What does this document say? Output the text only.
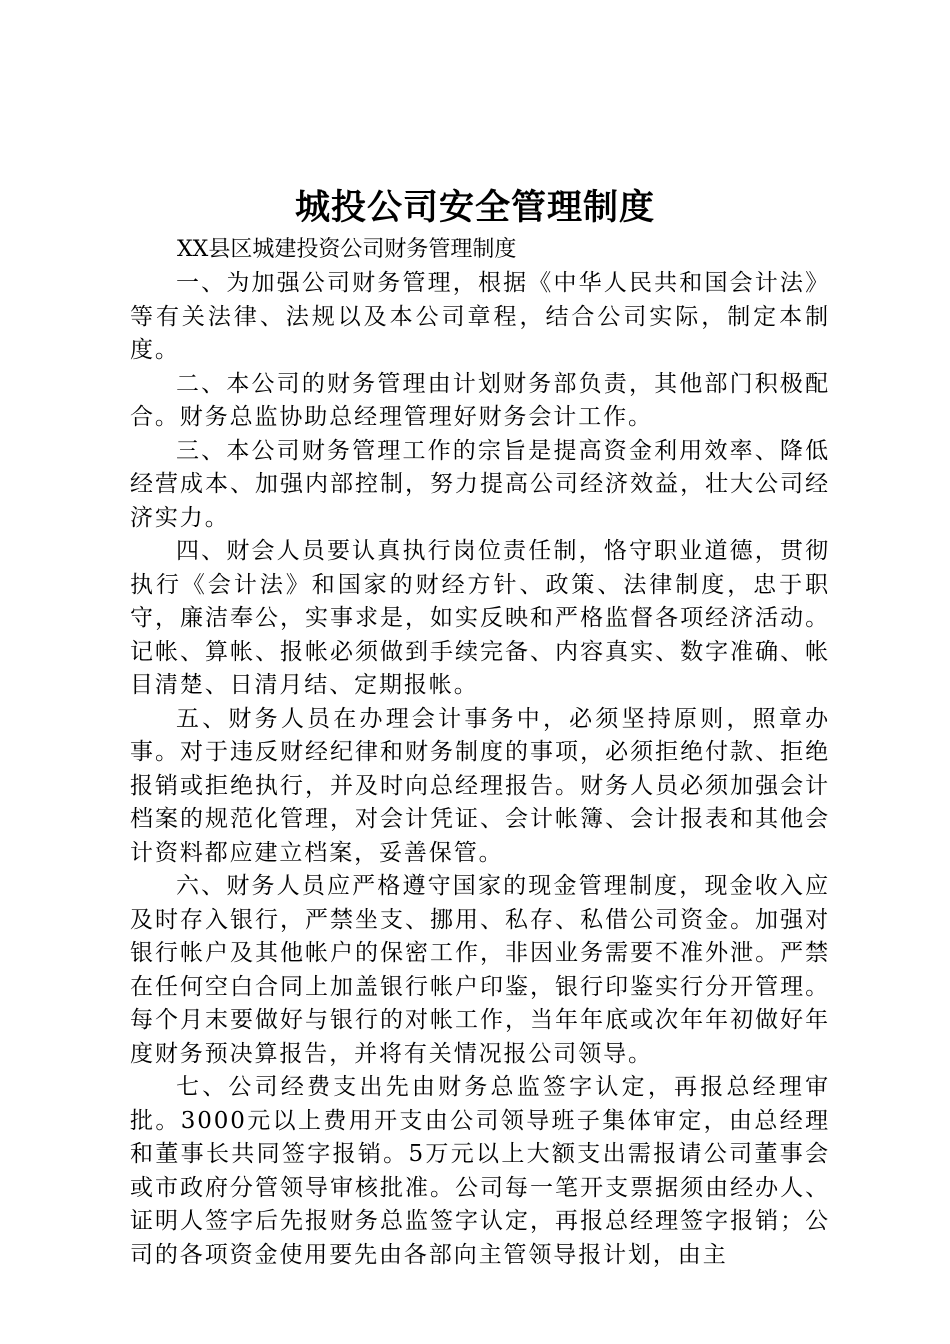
城投公司安全管理制度
XX县区城建投资公司财务管理制度

一、为加强公司财务管理，根据《中华人民共和国会计法》等有关法律、法规以及本公司章程，结合公司实际，制定本制度。

二、本公司的财务管理由计划财务部负责，其他部门积极配合。财务总监协助总经理管理好财务会计工作。

三、本公司财务管理工作的宗旨是提高资金利用效率、降低经营成本、加强内部控制，努力提高公司经济效益，壮大公司经济实力。

四、财会人员要认真执行岗位责任制，恪守职业道德，贯彻执行《会计法》和国家的财经方针、政策、法律制度，忠于职守，廉洁奉公，实事求是，如实反映和严格监督各项经济活动。记帐、算帐、报帐必须做到手续完备、内容真实、数字准确、帐目清楚、日清月结、定期报帐。

五、财务人员在办理会计事务中，必须坚持原则，照章办事。对于违反财经纪律和财务制度的事项，必须拒绝付款、拒绝报销或拒绝执行，并及时向总经理报告。财务人员必须加强会计档案的规范化管理，对会计凭证、会计帐簿、会计报表和其他会计资料都应建立档案，妥善保管。

六、财务人员应严格遵守国家的现金管理制度，现金收入应及时存入银行，严禁坐支、挪用、私存、私借公司资金。加强对银行帐户及其他帐户的保密工作，非因业务需要不准外泄。严禁在任何空白合同上加盖银行帐户印鉴，银行印鉴实行分开管理。每个月末要做好与银行的对帐工作，当年年底或次年年初做好年度财务预决算报告，并将有关情况报公司领导。

七、公司经费支出先由财务总监签字认定，再报总经理审批。3000元以上费用开支由公司领导班子集体审定，由总经理和董事长共同签字报销。5万元以上大额支出需报请公司董事会或市政府分管领导审核批准。公司每一笔开支票据须由经办人、证明人签字后先报财务总监签字认定，再报总经理签字报销；公司的各项资金使用要先由各部向主管领导报计划，由主
